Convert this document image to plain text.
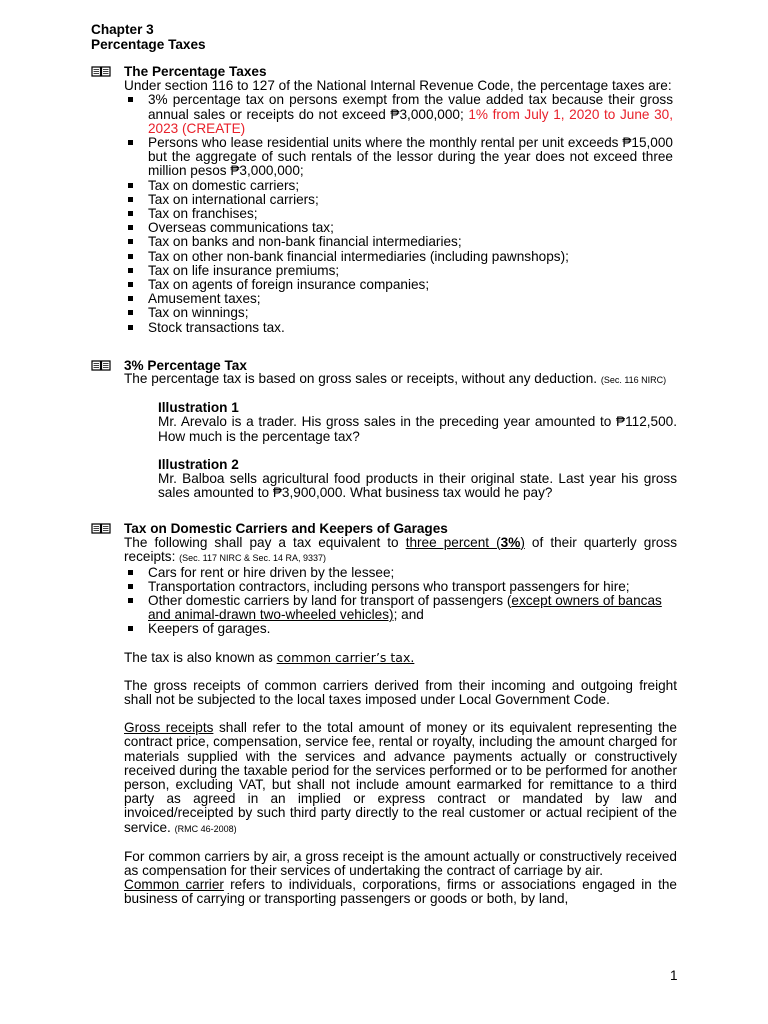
Chapter 3
Percentage Taxes
The Percentage Taxes

Under section 116 to 127 of the National Internal Revenue Code, the percentage taxes are:

3% percentage tax on persons exempt from the value added tax because their gross annual sales or receipts do not exceed ₱3,000,000; 1% from July 1, 2020 to June 30, 2023 (CREATE)
Persons who lease residential units where the monthly rental per unit exceeds ₱15,000 but the aggregate of such rentals of the lessor during the year does not exceed three million pesos ₱3,000,000;
Tax on domestic carriers;
Tax on international carriers;
Tax on franchises;
Overseas communications tax;
Tax on banks and non-bank financial intermediaries;
Tax on other non-bank financial intermediaries (including pawnshops);
Tax on life insurance premiums;
Tax on agents of foreign insurance companies;
Amusement taxes;
Tax on winnings;
Stock transactions tax.
3% Percentage Tax

The percentage tax is based on gross sales or receipts, without any deduction. (Sec. 116 NIRC)

Illustration 1

Mr. Arevalo is a trader. His gross sales in the preceding year amounted to ₱112,500. How much is the percentage tax?

Illustration 2

Mr. Balboa sells agricultural food products in their original state. Last year his gross sales amounted to ₱3,900,000. What business tax would he pay?

Tax on Domestic Carriers and Keepers of Garages

The following shall pay a tax equivalent to three percent (3%) of their quarterly gross receipts: (Sec. 117 NIRC & Sec. 14 RA, 9337)

Cars for rent or hire driven by the lessee;
Transportation contractors, including persons who transport passengers for hire;
Other domestic carriers by land for transport of passengers (except owners of bancas and animal-drawn two-wheeled vehicles); and
Keepers of garages.

The tax is also known as common carrier’s tax.

The gross receipts of common carriers derived from their incoming and outgoing freight shall not be subjected to the local taxes imposed under Local Government Code.

Gross receipts shall refer to the total amount of money or its equivalent representing the contract price, compensation, service fee, rental or royalty, including the amount charged for materials supplied with the services and advance payments actually or constructively received during the taxable period for the services performed or to be performed for another person, excluding VAT, but shall not include amount earmarked for remittance to a third party as agreed in an implied or express contract or mandated by law and invoiced/receipted by such third party directly to the real customer or actual recipient of the service. (RMC 46-2008)

For common carriers by air, a gross receipt is the amount actually or constructively received as compensation for their services of undertaking the contract of carriage by air.

Common carrier refers to individuals, corporations, firms or associations engaged in the business of carrying or transporting passengers or goods or both, by land,

1
